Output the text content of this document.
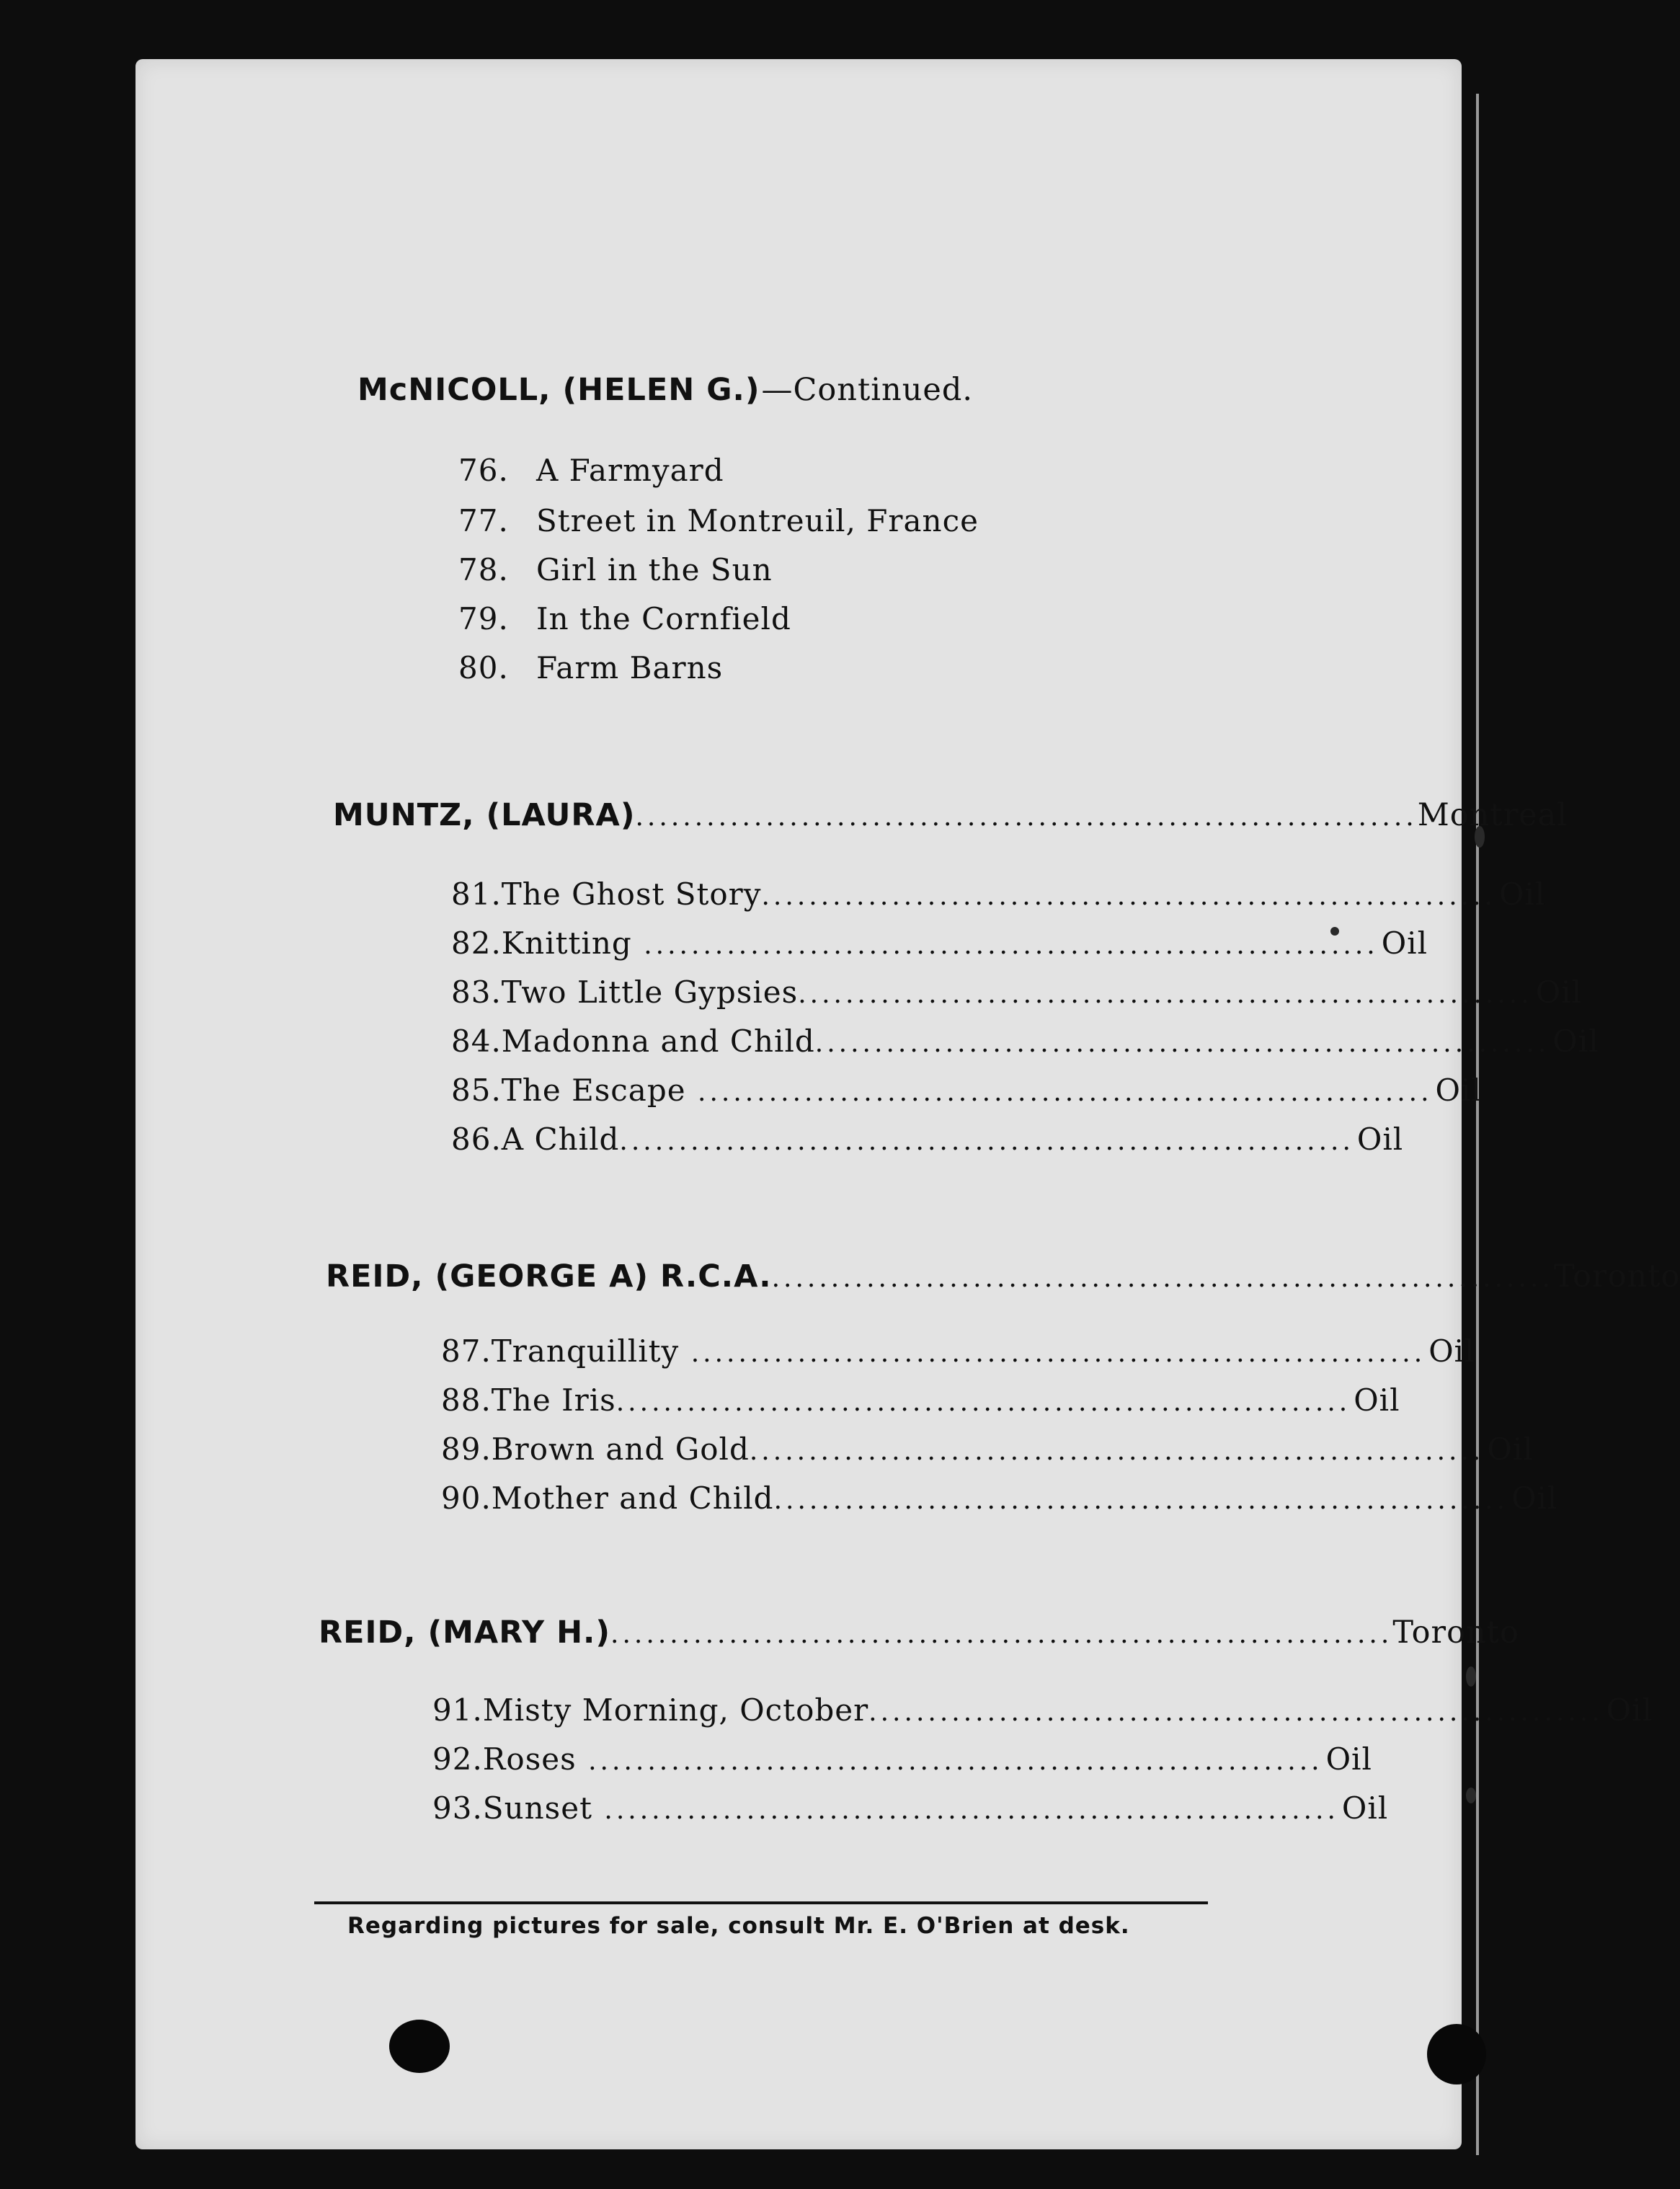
McNICOLL, (HELEN G.) —Continued.
76. A Farmyard
77. Street in Montreuil, France
78. Girl in the Sun
79. In the Cornfield
80. Farm Barns
MUNTZ, (LAURA) .................................................................. Montreal
81. The Ghost Story .............................................................. Oil
82. Knitting .............................................................. Oil
83. Two Little Gypsies .............................................................. Oil
84. Madonna and Child .............................................................. Oil
85. The Escape .............................................................. Oil
86. A Child .............................................................. Oil
REID, (GEORGE A) R.C.A. .................................................................. Toronto
87. Tranquillity .............................................................. Oil
88. The Iris .............................................................. Oil
89. Brown and Gold .............................................................. Oil
90. Mother and Child .............................................................. Oil
REID, (MARY H.) .................................................................. Toronto
91. Misty Morning, October .............................................................. Oil
92. Roses .............................................................. Oil
93. Sunset .............................................................. Oil
Regarding pictures for sale, consult Mr. E. O'Brien at desk.
